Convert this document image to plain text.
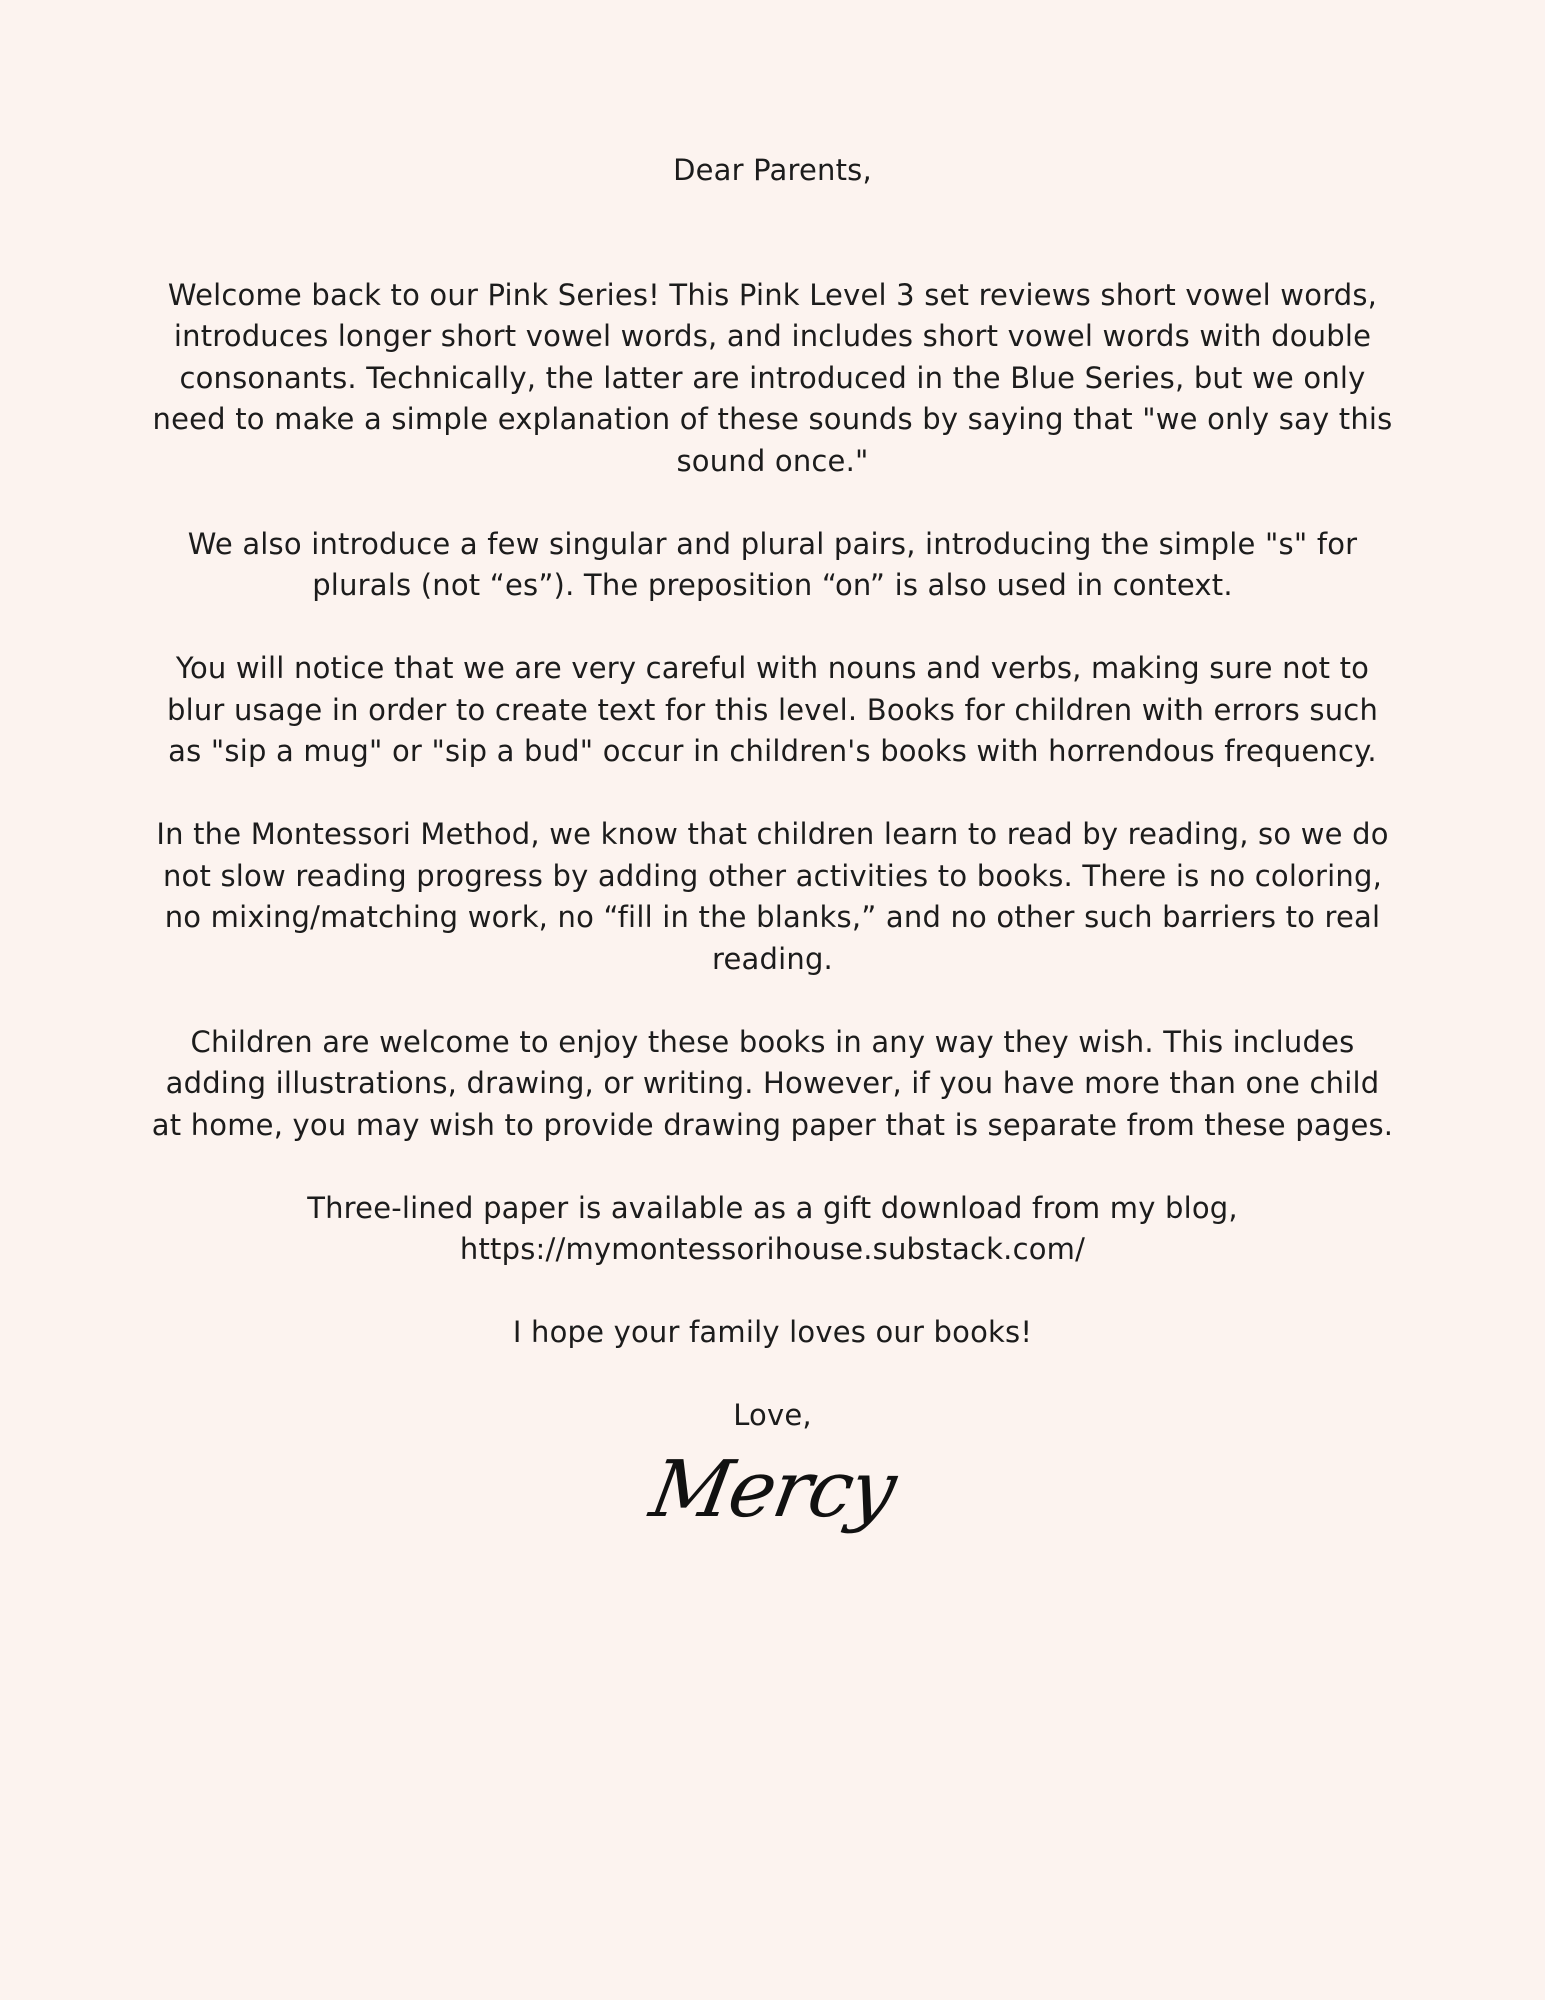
Dear Parents,

Welcome back to our Pink Series! This Pink Level 3 set reviews short vowel words, introduces longer short vowel words, and includes short vowel words with double consonants. Technically, the latter are introduced in the Blue Series, but we only need to make a simple explanation of these sounds by saying that "we only say this sound once."

We also introduce a few singular and plural pairs, introducing the simple "s" for plurals (not “es”). The preposition “on” is also used in context.

You will notice that we are very careful with nouns and verbs, making sure not to blur usage in order to create text for this level. Books for children with errors such as "sip a mug" or "sip a bud" occur in children's books with horrendous frequency.

In the Montessori Method, we know that children learn to read by reading, so we do not slow reading progress by adding other activities to books. There is no coloring, no mixing/matching work, no “fill in the blanks,” and no other such barriers to real reading.

Children are welcome to enjoy these books in any way they wish. This includes adding illustrations, drawing, or writing. However, if you have more than one child at home, you may wish to provide drawing paper that is separate from these pages.

Three-lined paper is available as a gift download from my blog,
https://mymontessorihouse.substack.com/

I hope your family loves our books!

Love,

Mercy
